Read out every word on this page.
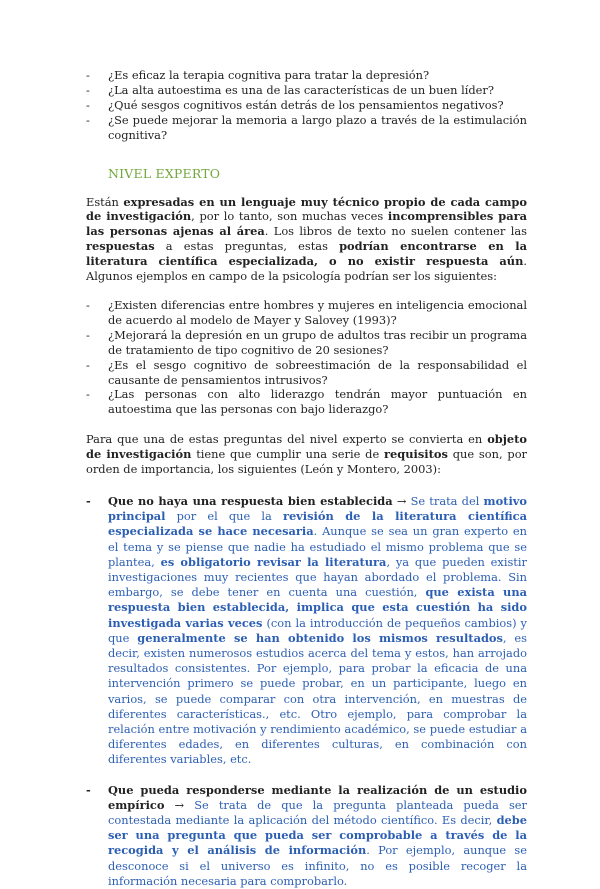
- ¿Es eficaz la terapia cognitiva para tratar la depresión?
- ¿La alta autoestima es una de las características de un buen líder?
- ¿Qué sesgos cognitivos están detrás de los pensamientos negativos?
- ¿Se puede mejorar la memoria a largo plazo a través de la estimulación cognitiva?
NIVEL EXPERTO

Están expresadas en un lenguaje muy técnico propio de cada campo de investigación, por lo tanto, son muchas veces incomprensibles para las personas ajenas al área. Los libros de texto no suelen contener las respuestas a estas preguntas, estas podrían encontrarse en la literatura científica especializada, o no existir respuesta aún. Algunos ejemplos en campo de la psicología podrían ser los siguientes:

- ¿Existen diferencias entre hombres y mujeres en inteligencia emocional de acuerdo al modelo de Mayer y Salovey (1993)?
- ¿Mejorará la depresión en un grupo de adultos tras recibir un programa de tratamiento de tipo cognitivo de 20 sesiones?
- ¿Es el sesgo cognitivo de sobreestimación de la responsabilidad el causante de pensamientos intrusivos?
- ¿Las personas con alto liderazgo tendrán mayor puntuación en autoestima que las personas con bajo liderazgo?

Para que una de estas preguntas del nivel experto se convierta en objeto de investigación tiene que cumplir una serie de requisitos que son, por orden de importancia, los siguientes (León y Montero, 2003):

- Que no haya una respuesta bien establecida → Se trata del motivo principal por el que la revisión de la literatura científica especializada se hace necesaria. Aunque se sea un gran experto en el tema y se piense que nadie ha estudiado el mismo problema que se plantea, es obligatorio revisar la literatura, ya que pueden existir investigaciones muy recientes que hayan abordado el problema. Sin embargo, se debe tener en cuenta una cuestión, que exista una respuesta bien establecida, implica que esta cuestión ha sido investigada varias veces (con la introducción de pequeños cambios) y que generalmente se han obtenido los mismos resultados, es decir, existen numerosos estudios acerca del tema y estos, han arrojado resultados consistentes. Por ejemplo, para probar la eficacia de una intervención primero se puede probar, en un participante, luego en varios, se puede comparar con otra intervención, en muestras de diferentes características., etc. Otro ejemplo, para comprobar la relación entre motivación y rendimiento académico, se puede estudiar a diferentes edades, en diferentes culturas, en combinación con diferentes variables, etc.
- Que pueda responderse mediante la realización de un estudio empírico → Se trata de que la pregunta planteada pueda ser contestada mediante la aplicación del método científico. Es decir, debe ser una pregunta que pueda ser comprobable a través de la recogida y el análisis de información. Por ejemplo, aunque se desconoce si el universo es infinito, no es posible recoger la información necesaria para comprobarlo.
